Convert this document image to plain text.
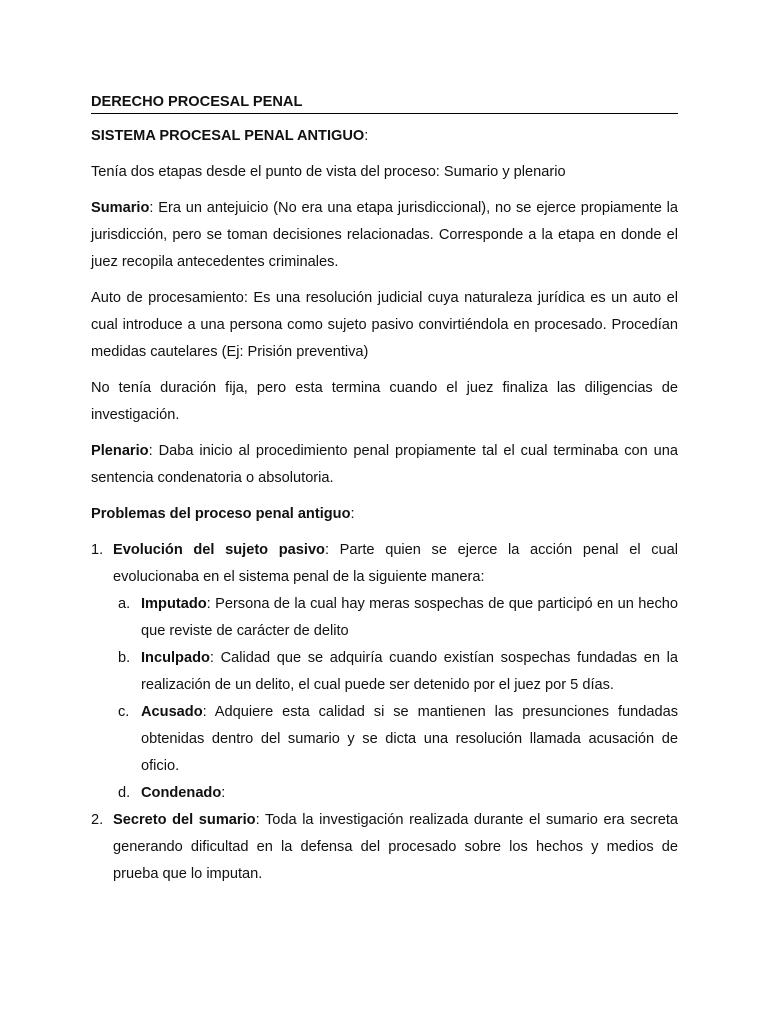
DERECHO PROCESAL PENAL

SISTEMA PROCESAL PENAL ANTIGUO:

Tenía dos etapas desde el punto de vista del proceso: Sumario y plenario

Sumario: Era un antejuicio (No era una etapa jurisdiccional), no se ejerce propiamente la jurisdicción, pero se toman decisiones relacionadas. Corresponde a la etapa en donde el juez recopila antecedentes criminales.

Auto de procesamiento: Es una resolución judicial cuya naturaleza jurídica es un auto el cual introduce a una persona como sujeto pasivo convirtiéndola en procesado. Procedían medidas cautelares (Ej: Prisión preventiva)

No tenía duración fija, pero esta termina cuando el juez finaliza las diligencias de investigación.

Plenario: Daba inicio al procedimiento penal propiamente tal el cual terminaba con una sentencia condenatoria o absolutoria.

Problemas del proceso penal antiguo:

1. Evolución del sujeto pasivo: Parte quien se ejerce la acción penal el cual evolucionaba en el sistema penal de la siguiente manera:
a. Imputado: Persona de la cual hay meras sospechas de que participó en un hecho que reviste de carácter de delito
b. Inculpado: Calidad que se adquiría cuando existían sospechas fundadas en la realización de un delito, el cual puede ser detenido por el juez por 5 días.
c. Acusado: Adquiere esta calidad si se mantienen las presunciones fundadas obtenidas dentro del sumario y se dicta una resolución llamada acusación de oficio.
d. Condenado:
2. Secreto del sumario: Toda la investigación realizada durante el sumario era secreta generando dificultad en la defensa del procesado sobre los hechos y medios de prueba que lo imputan.
